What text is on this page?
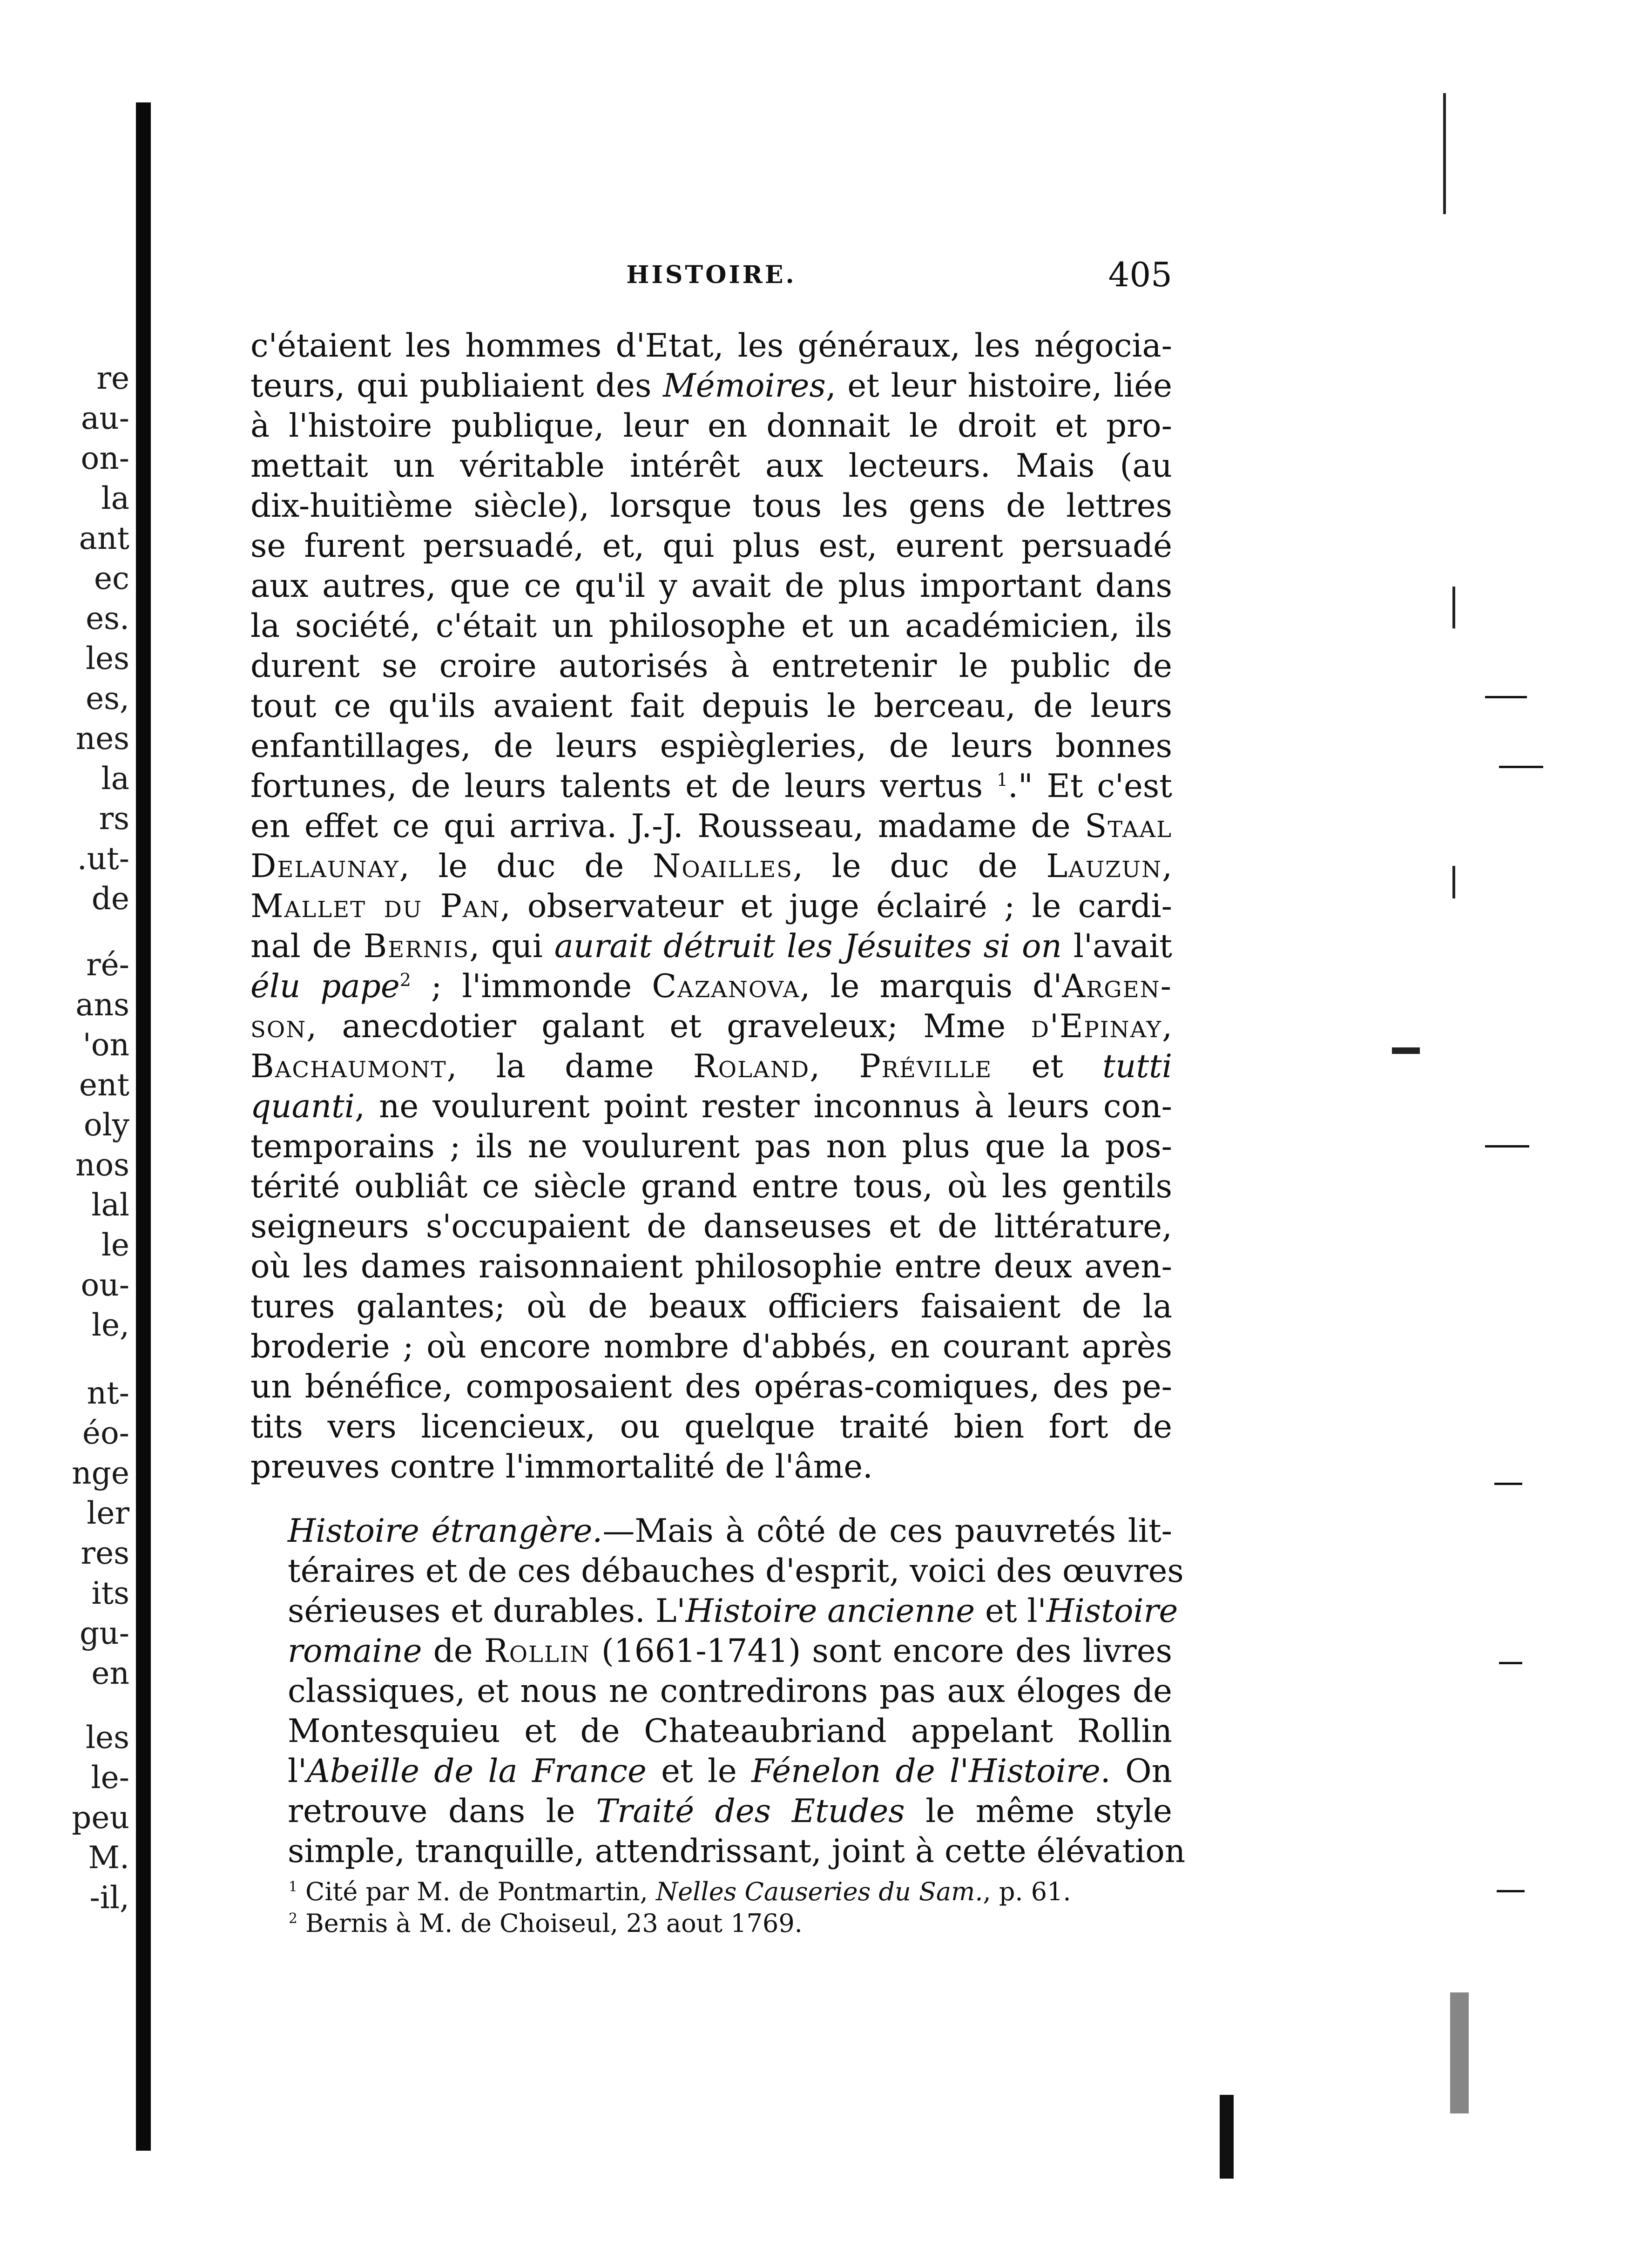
re
au-
on-
la
ant
ec
es.
les
es,
nes
la
rs
.ut-
de
ré-
ans
'on
ent
oly
nos
lal
le
ou-
le,
nt-
éo-
nge
ler
res
its
gu-
en
les
le-
peu
M.
-il,
HISTOIRE.	405

c'étaient les hommes d'Etat, les généraux, les négocia-
teurs, qui publiaient des Mémoires, et leur histoire, liée
à l'histoire publique, leur en donnait le droit et pro-
mettait un véritable intérêt aux lecteurs. Mais (au
dix-huitième siècle), lorsque tous les gens de lettres
se furent persuadé, et, qui plus est, eurent persuadé
aux autres, que ce qu'il y avait de plus important dans
la société, c'était un philosophe et un académicien, ils
durent se croire autorisés à entretenir le public de
tout ce qu'ils avaient fait depuis le berceau, de leurs
enfantillages, de leurs espiègleries, de leurs bonnes
fortunes, de leurs talents et de leurs vertus $^1$." Et c'est
en effet ce qui arriva. J.-J. Rousseau, madame de Staal
Delaunay, le duc de Noailles, le duc de Lauzun,
Mallet du Pan, observateur et juge éclairé ; le cardi-
nal de Bernis, qui aurait détruit les Jésuites si on l'avait
élu pape$^2$ ; l'immonde Cazanova, le marquis d'Argen-
son, anecdotier galant et graveleux; Mme d'Epinay,
Bachaumont, la dame Roland, Préville et tutti
quanti, ne voulurent point rester inconnus à leurs con-
temporains ; ils ne voulurent pas non plus que la pos-
térité oubliât ce siècle grand entre tous, où les gentils
seigneurs s'occupaient de danseuses et de littérature,
où les dames raisonnaient philosophie entre deux aven-
tures galantes; où de beaux officiers faisaient de la
broderie ; où encore nombre d'abbés, en courant après
un bénéfice, composaient des opéras-comiques, des pe-
tits vers licencieux, ou quelque traité bien fort de
preuves contre l'immortalité de l'âme.

Histoire étrangère.—Mais à côté de ces pauvretés lit-
téraires et de ces débauches d'esprit, voici des œuvres
sérieuses et durables. L'Histoire ancienne et l'Histoire
romaine de Rollin (1661-1741) sont encore des livres
classiques, et nous ne contredirons pas aux éloges de
Montesquieu et de Chateaubriand appelant Rollin
l'Abeille de la France et le Fénelon de l'Histoire. On
retrouve dans le Traité des Etudes le même style
simple, tranquille, attendrissant, joint à cette élévation

$^1$ Cité par M. de Pontmartin, Nelles Causeries du Sam., p. 61.
$^2$ Bernis à M. de Choiseul, 23 aout 1769.
